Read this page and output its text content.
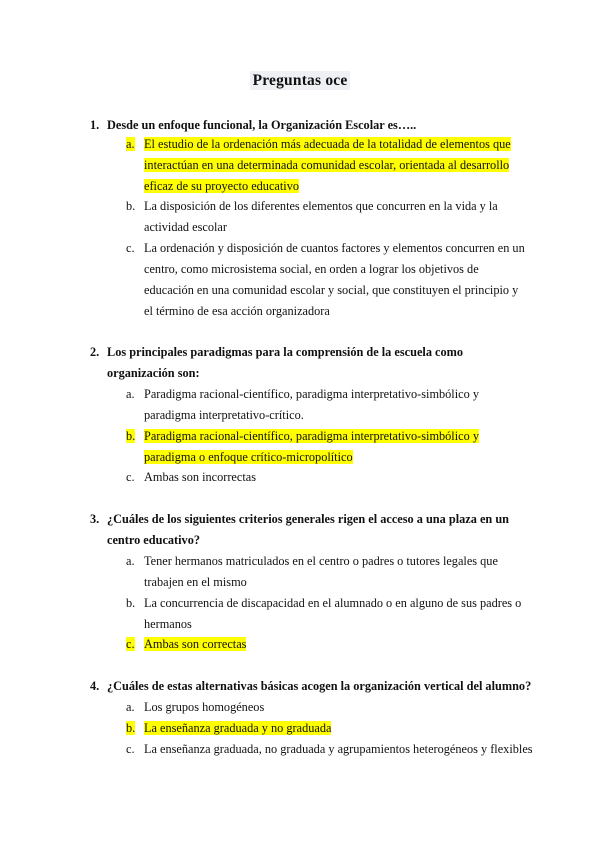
Preguntas oce
1. Desde un enfoque funcional, la Organización Escolar es…..
a. El estudio de la ordenación más adecuada de la totalidad de elementos que interactúan en una determinada comunidad escolar, orientada al desarrollo eficaz de su proyecto educativo
b. La disposición de los diferentes elementos que concurren en la vida y la actividad escolar
c. La ordenación y disposición de cuantos factores y elementos concurren en un centro, como microsistema social, en orden a lograr los objetivos de educación en una comunidad escolar y social, que constituyen el principio y el término de esa acción organizadora
2. Los principales paradigmas para la comprensión de la escuela como organización son:
a. Paradigma racional-científico, paradigma interpretativo-simbólico y paradigma interpretativo-crítico.
b. Paradigma racional-científico, paradigma interpretativo-simbólico y paradigma o enfoque crítico-micropolítico
c. Ambas son incorrectas
3. ¿Cuáles de los siguientes criterios generales rigen el acceso a una plaza en un centro educativo?
a. Tener hermanos matriculados en el centro o padres o tutores legales que trabajen en el mismo
b. La concurrencia de discapacidad en el alumnado o en alguno de sus padres o hermanos
c. Ambas son correctas
4. ¿Cuáles de estas alternativas básicas acogen la organización vertical del alumno?
a. Los grupos homogéneos
b. La enseñanza graduada y no graduada
c. La enseñanza graduada, no graduada y agrupamientos heterogéneos y flexibles
